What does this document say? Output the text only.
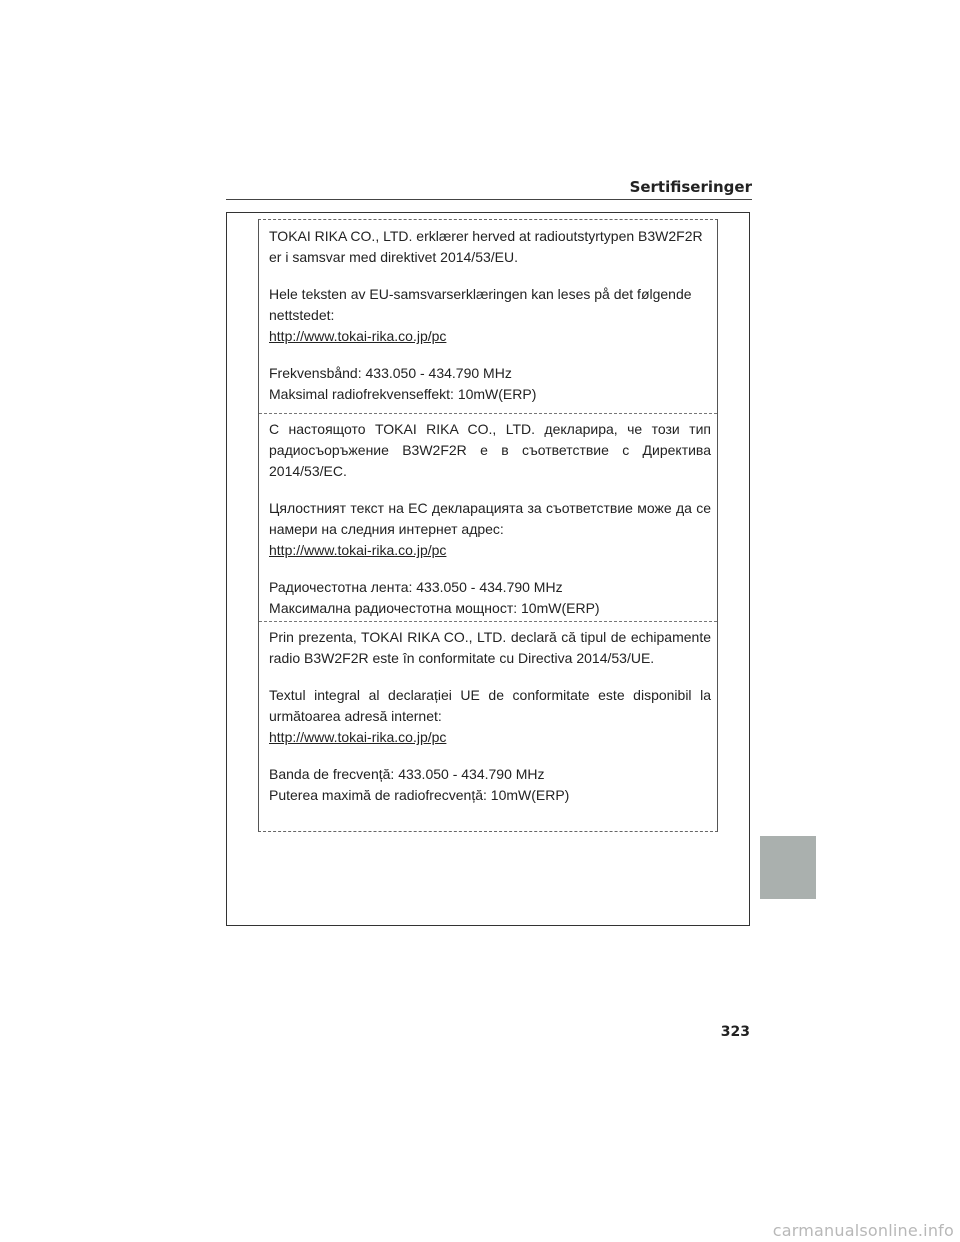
Sertifiseringer

TOKAI RIKA CO., LTD. erklærer herved at radioutstyrtypen B3W2F2R er i samsvar med direktivet 2014/53/EU.

Hele teksten av EU-samsvarserklæringen kan leses på det følgende nettstedet:

http://www.tokai-rika.co.jp/pc

Frekvensbånd: 433.050 - 434.790 MHz

Maksimal radiofrekvenseffekt: 10mW(ERP)

С настоящото TOKAI RIKA CO., LTD. декларира, че този тип радиосъоръжение B3W2F2R е в съответствие с Директива 2014/53/ЕС.

Цялостният текст на ЕС декларацията за съответствие може да се намери на следния интернет адрес:

http://www.tokai-rika.co.jp/pc

Радиочестотна лента: 433.050 - 434.790 MHz

Максимална радиочестотна мощност: 10mW(ERP)

Prin prezenta, TOKAI RIKA CO., LTD. declară că tipul de echipamente radio B3W2F2R este în conformitate cu Directiva 2014/53/UE.

Textul integral al declarației UE de conformitate este disponibil la următoarea adresă internet:

http://www.tokai-rika.co.jp/pc

Banda de frecvență: 433.050 - 434.790 MHz

Puterea maximă de radiofrecvență: 10mW(ERP)

323
carmanualsonline.info
